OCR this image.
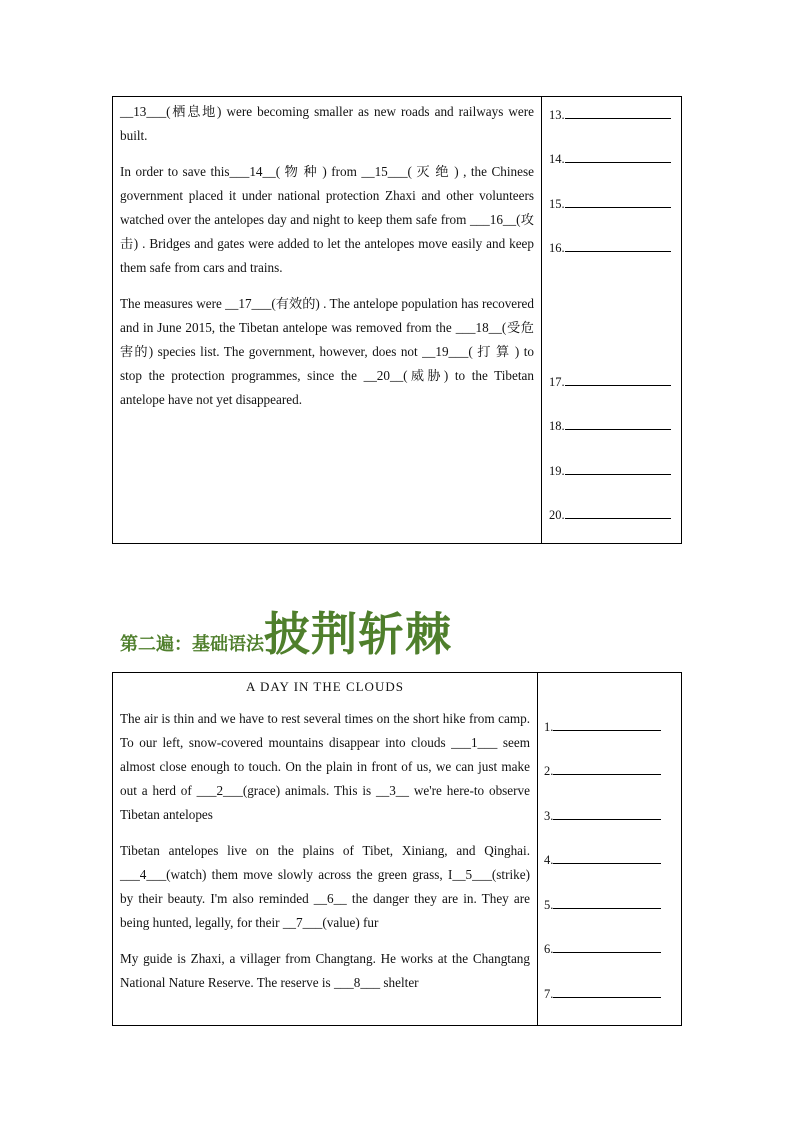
__13___(栖息地) were becoming smaller as new roads and railways were built.

In order to save this___14__( 物 种 ) from __15___( 灭 绝 ) , the Chinese government placed it under national protection Zhaxi and other volunteers watched over the antelopes day and night to keep them safe from ___16__(攻击) . Bridges and gates were added to let the antelopes move easily and keep them safe from cars and trains.

The measures were __17___(有效的) . The antelope population has recovered and in June 2015, the Tibetan antelope was removed from the ___18__(受危害的) species list. The government, however, does not __19___( 打 算 ) to stop the protection programmes, since the __20__(威胁) to the Tibetan antelope have not yet disappeared.

13.
14.
15.
16.
17.
18.
19.
20.
第二遍：基础语法披荆斩棘

A DAY IN THE CLOUDS

The air is thin and we have to rest several times on the short hike from camp. To our left, snow-covered mountains disappear into clouds ___1___ seem almost close enough to touch. On the plain in front of us, we can just make out a herd of ___2___(grace) animals. This is __3__ we're here-to observe Tibetan antelopes

Tibetan antelopes live on the plains of Tibet, Xiniang, and Qinghai. ___4___(watch) them move slowly across the green grass, I__5___(strike) by their beauty. I'm also reminded __6__ the danger they are in. They are being hunted, legally, for their __7___(value) fur

My guide is Zhaxi, a villager from Changtang. He works at the Changtang National Nature Reserve. The reserve is ___8___ shelter

1.
2.
3.
4.
5.
6.
7.
